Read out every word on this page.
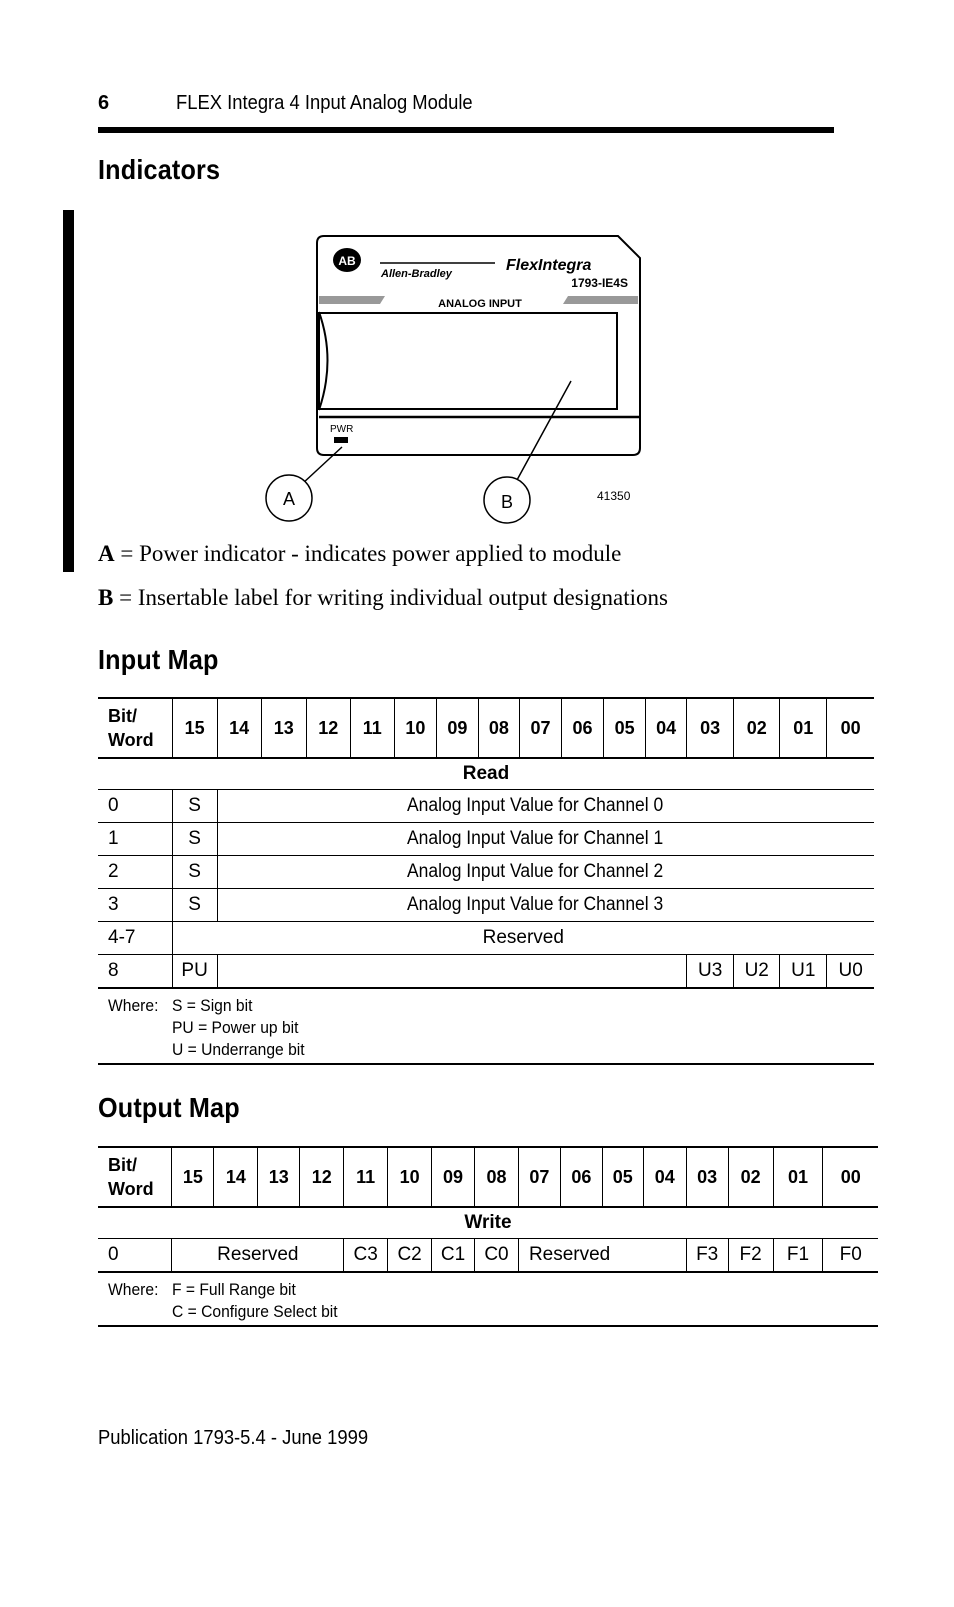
6	FLEX Integra 4 Input Analog Module
Indicators
AB
Allen-Bradley	FlexIntegra
1793-IE4S
ANALOG INPUT
PWR
A	B	41350
A = Power indicator - indicates power applied to module
B = Insertable label for writing individual output designations
Input Map
Bit/
Word	15	14	13	12	11	10	09	08	07	06	05	04	03	02	01	00
Read																
0	S	Analog Input Value for Channel 0														
1	S	Analog Input Value for Channel 1														
2	S	Analog Input Value for Channel 2														
3	S	Analog Input Value for Channel 3														
4-7	Reserved															
8	PU												U3	U2	U1	U0
Where:	S = Sign bit
PU = Power up bit
U = Underrange bit															
Output Map
Bit/
Word	15	14	13	12	11	10	09	08	07	06	05	04	03	02	01	00
Write																
0	Reserved				C3	C2	C1	C0	Reserved				F3	F2	F1	F0
Where:	F = Full Range bit
C = Configure Select bit															
Publication 1793-5.4 - June 1999
